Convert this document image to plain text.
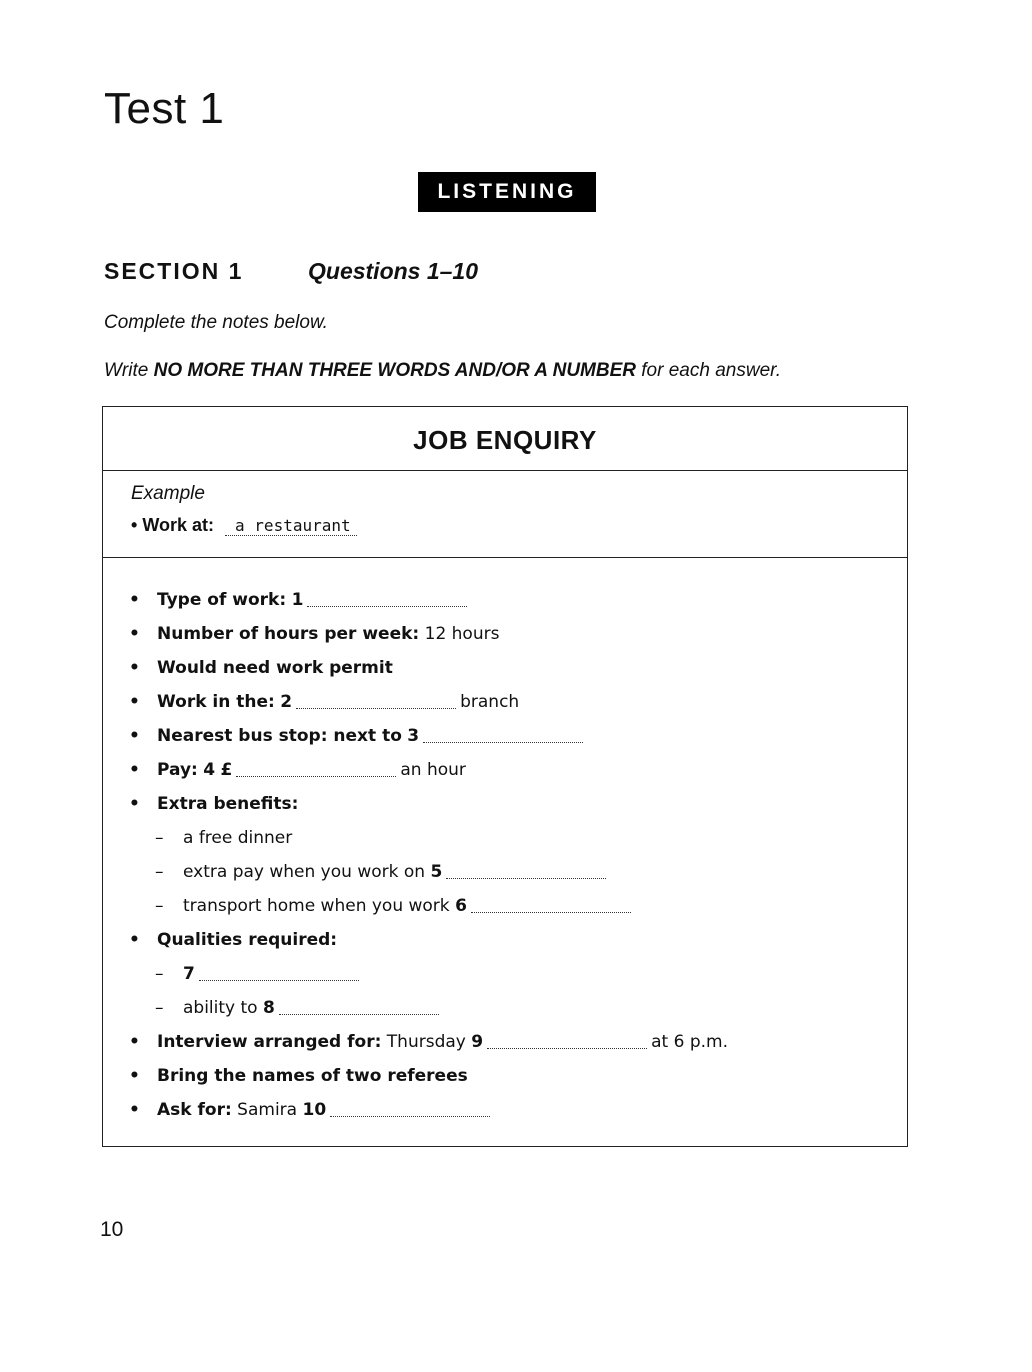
Test 1
LISTENING
SECTION 1	Questions 1–10
Complete the notes below.
Write NO MORE THAN THREE WORDS AND/OR A NUMBER for each answer.
JOB ENQUIRY
Example
• Work at: a restaurant
•	Type of work:
1
•	Number of hours per week:
12 hours
•	Would need work permit
•	Work in the:
2	branch
•	Nearest bus stop: next to
3
•	Pay:
4
£	an hour
•	Extra benefits:
–	a free dinner
–	extra pay when you work on
5
–	transport home when you work
6
•	Qualities required:
–	7
–	ability to
8
•	Interview arranged for:
Thursday
9	at 6 p.m.
•	Bring the names of two referees
•	Ask for:
Samira
10
10
